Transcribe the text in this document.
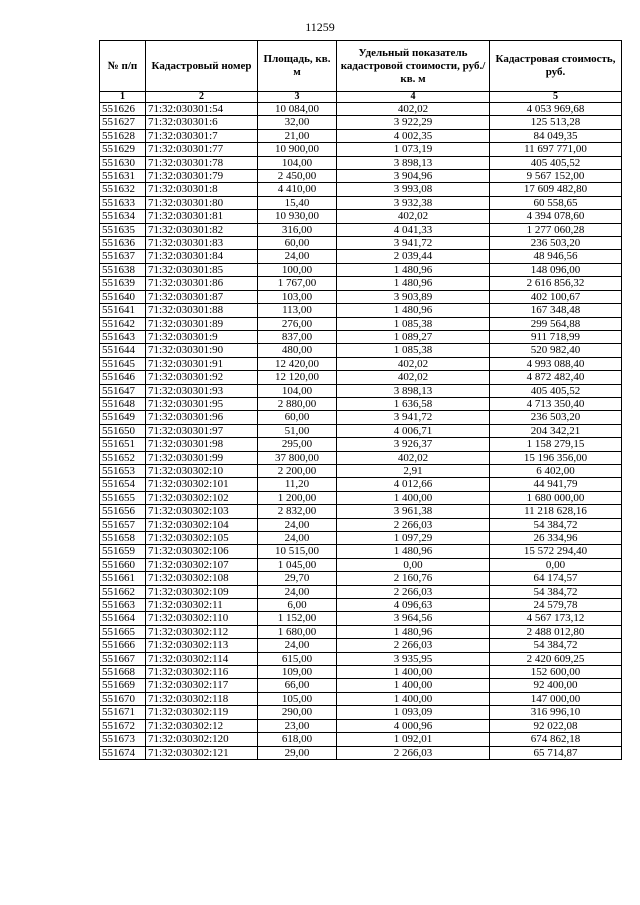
11259
№ п/п	Кадастровый номер	Площадь, кв. м	Удельный показатель кадастровой стоимости, руб./кв. м	Кадастровая стоимость, руб.
1	2	3	4	5
551626	71:32:030301:54	10 084,00	402,02	4 053 969,68
551627	71:32:030301:6	32,00	3 922,29	125 513,28
551628	71:32:030301:7	21,00	4 002,35	84 049,35
551629	71:32:030301:77	10 900,00	1 073,19	11 697 771,00
551630	71:32:030301:78	104,00	3 898,13	405 405,52
551631	71:32:030301:79	2 450,00	3 904,96	9 567 152,00
551632	71:32:030301:8	4 410,00	3 993,08	17 609 482,80
551633	71:32:030301:80	15,40	3 932,38	60 558,65
551634	71:32:030301:81	10 930,00	402,02	4 394 078,60
551635	71:32:030301:82	316,00	4 041,33	1 277 060,28
551636	71:32:030301:83	60,00	3 941,72	236 503,20
551637	71:32:030301:84	24,00	2 039,44	48 946,56
551638	71:32:030301:85	100,00	1 480,96	148 096,00
551639	71:32:030301:86	1 767,00	1 480,96	2 616 856,32
551640	71:32:030301:87	103,00	3 903,89	402 100,67
551641	71:32:030301:88	113,00	1 480,96	167 348,48
551642	71:32:030301:89	276,00	1 085,38	299 564,88
551643	71:32:030301:9	837,00	1 089,27	911 718,99
551644	71:32:030301:90	480,00	1 085,38	520 982,40
551645	71:32:030301:91	12 420,00	402,02	4 993 088,40
551646	71:32:030301:92	12 120,00	402,02	4 872 482,40
551647	71:32:030301:93	104,00	3 898,13	405 405,52
551648	71:32:030301:95	2 880,00	1 636,58	4 713 350,40
551649	71:32:030301:96	60,00	3 941,72	236 503,20
551650	71:32:030301:97	51,00	4 006,71	204 342,21
551651	71:32:030301:98	295,00	3 926,37	1 158 279,15
551652	71:32:030301:99	37 800,00	402,02	15 196 356,00
551653	71:32:030302:10	2 200,00	2,91	6 402,00
551654	71:32:030302:101	11,20	4 012,66	44 941,79
551655	71:32:030302:102	1 200,00	1 400,00	1 680 000,00
551656	71:32:030302:103	2 832,00	3 961,38	11 218 628,16
551657	71:32:030302:104	24,00	2 266,03	54 384,72
551658	71:32:030302:105	24,00	1 097,29	26 334,96
551659	71:32:030302:106	10 515,00	1 480,96	15 572 294,40
551660	71:32:030302:107	1 045,00	0,00	0,00
551661	71:32:030302:108	29,70	2 160,76	64 174,57
551662	71:32:030302:109	24,00	2 266,03	54 384,72
551663	71:32:030302:11	6,00	4 096,63	24 579,78
551664	71:32:030302:110	1 152,00	3 964,56	4 567 173,12
551665	71:32:030302:112	1 680,00	1 480,96	2 488 012,80
551666	71:32:030302:113	24,00	2 266,03	54 384,72
551667	71:32:030302:114	615,00	3 935,95	2 420 609,25
551668	71:32:030302:116	109,00	1 400,00	152 600,00
551669	71:32:030302:117	66,00	1 400,00	92 400,00
551670	71:32:030302:118	105,00	1 400,00	147 000,00
551671	71:32:030302:119	290,00	1 093,09	316 996,10
551672	71:32:030302:12	23,00	4 000,96	92 022,08
551673	71:32:030302:120	618,00	1 092,01	674 862,18
551674	71:32:030302:121	29,00	2 266,03	65 714,87
